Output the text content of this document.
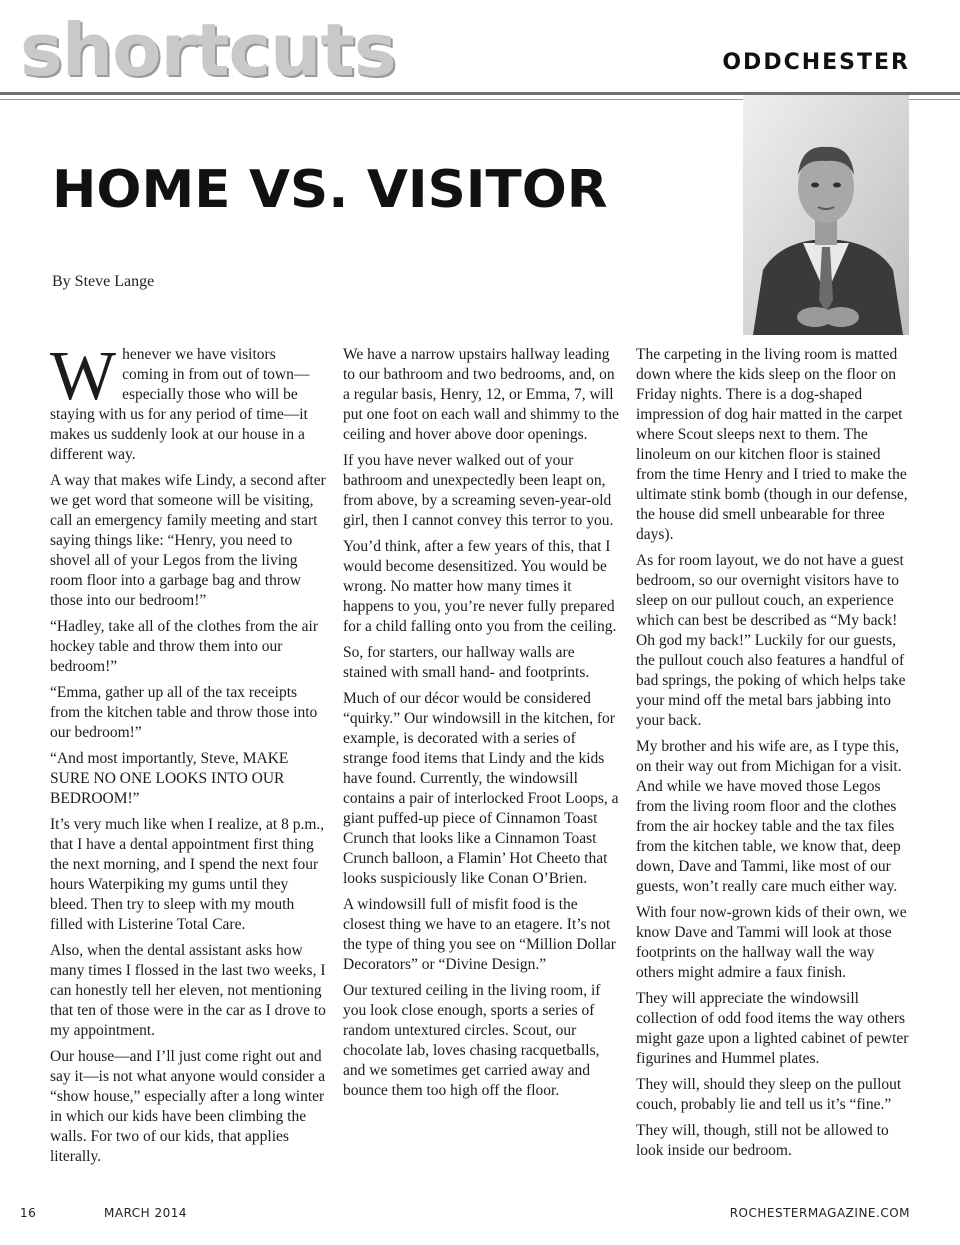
shortcuts	ODDCHESTER
HOME VS. VISITOR
By Steve Lange

Whenever we have visitors coming in from out of town—especially those who will be staying with us for any period of time—it makes us suddenly look at our house in a different way.

A way that makes wife Lindy, a second after we get word that someone will be visiting, call an emergency family meeting and start saying things like: “Henry, you need to shovel all of your Legos from the living room floor into a garbage bag and throw those into our bedroom!”

“Hadley, take all of the clothes from the air hockey table and throw them into our bedroom!”

“Emma, gather up all of the tax receipts from the kitchen table and throw those into our bedroom!”

“And most importantly, Steve, MAKE SURE NO ONE LOOKS INTO OUR BEDROOM!”

It’s very much like when I realize, at 8 p.m., that I have a dental appointment first thing the next morning, and I spend the next four hours Waterpiking my gums until they bleed. Then try to sleep with my mouth filled with Listerine Total Care.

Also, when the dental assistant asks how many times I flossed in the last two weeks, I can honestly tell her eleven, not mentioning that ten of those were in the car as I drove to my appointment.

Our house—and I’ll just come right out and say it—is not what anyone would consider a “show house,” especially after a long winter in which our kids have been climbing the walls. For two of our kids, that applies literally.

We have a narrow upstairs hallway leading to our bathroom and two bedrooms, and, on a regular basis, Henry, 12, or Emma, 7, will put one foot on each wall and shimmy to the ceiling and hover above door openings.

If you have never walked out of your bathroom and unexpectedly been leapt on, from above, by a screaming seven-year-old girl, then I cannot convey this terror to you.

You’d think, after a few years of this, that I would become desensitized. You would be wrong. No matter how many times it happens to you, you’re never fully prepared for a child falling onto you from the ceiling.

So, for starters, our hallway walls are stained with small hand- and footprints.

Much of our décor would be considered “quirky.” Our windowsill in the kitchen, for example, is decorated with a series of strange food items that Lindy and the kids have found. Currently, the windowsill contains a pair of interlocked Froot Loops, a giant puffed-up piece of Cinnamon Toast Crunch that looks like a Cinnamon Toast Crunch balloon, a Flamin’ Hot Cheeto that looks suspiciously like Conan O’Brien.

A windowsill full of misfit food is the closest thing we have to an etagere. It’s not the type of thing you see on “Million Dollar Decorators” or “Divine Design.”

Our textured ceiling in the living room, if you look close enough, sports a series of random untextured circles. Scout, our chocolate lab, loves chasing racquetballs, and we sometimes get carried away and bounce them too high off the floor.

The carpeting in the living room is matted down where the kids sleep on the floor on Friday nights. There is a dog-shaped impression of dog hair matted in the carpet where Scout sleeps next to them. The linoleum on our kitchen floor is stained from the time Henry and I tried to make the ultimate stink bomb (though in our defense, the house did smell unbearable for three days).

As for room layout, we do not have a guest bedroom, so our overnight visitors have to sleep on our pullout couch, an experience which can best be described as “My back! Oh god my back!” Luckily for our guests, the pullout couch also features a handful of bad springs, the poking of which helps take your mind off the metal bars jabbing into your back.

My brother and his wife are, as I type this, on their way out from Michigan for a visit. And while we have moved those Legos from the living room floor and the clothes from the air hockey table and the tax files from the kitchen table, we know that, deep down, Dave and Tammi, like most of our guests, won’t really care much either way.

With four now-grown kids of their own, we know Dave and Tammi will look at those footprints on the hallway wall the way others might admire a faux finish.

They will appreciate the windowsill collection of odd food items the way others might gaze upon a lighted cabinet of pewter figurines and Hummel plates.

They will, should they sleep on the pullout couch, probably lie and tell us it’s “fine.”

They will, though, still not be allowed to look inside our bedroom.

16	MARCH 2014	ROCHESTERMAGAZINE.COM
